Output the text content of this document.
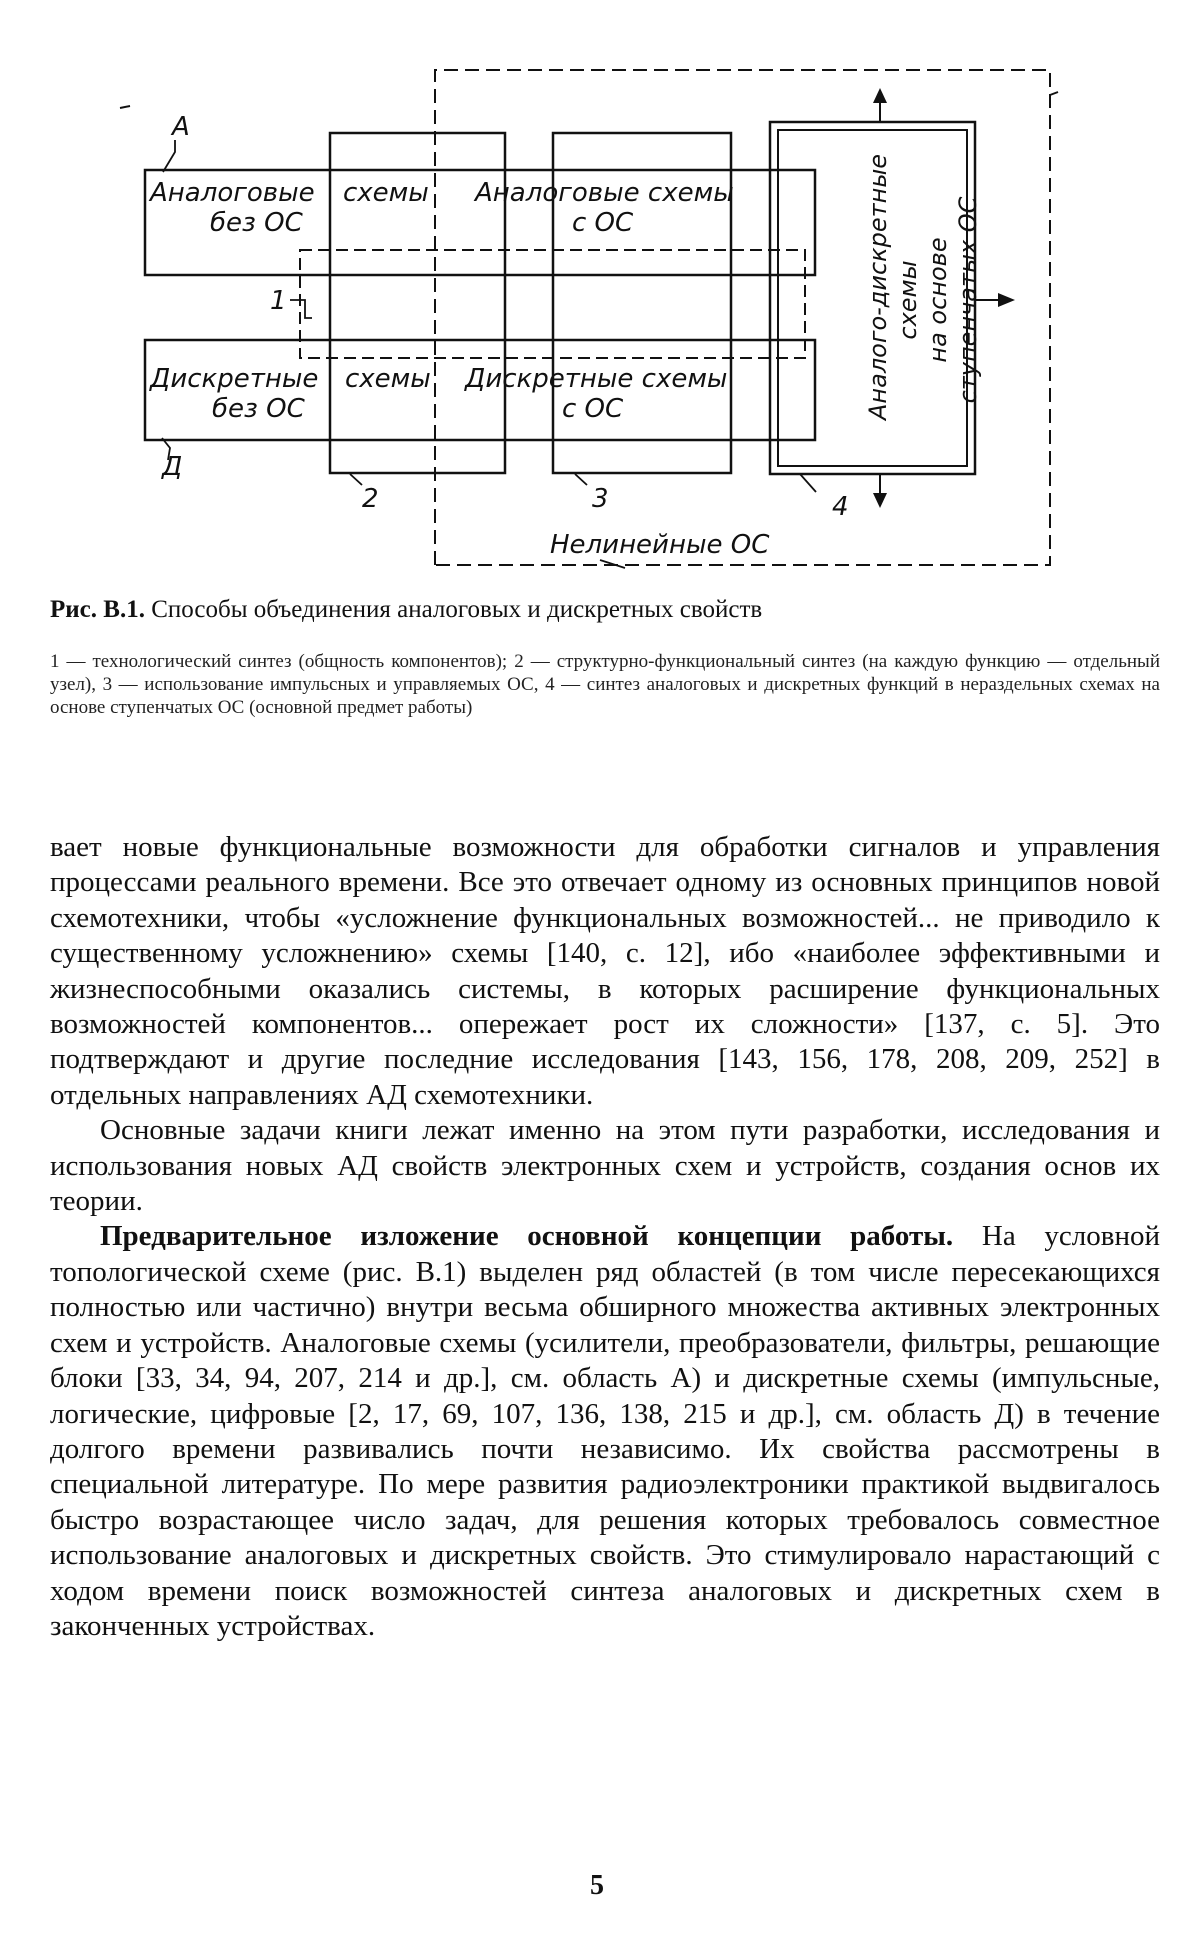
А
Д
Аналоговые
без ОС
схемы Аналоговые схемы
с ОС
Дискретные
без ОС
схемы Дискретные схемы
с ОС
1
2	3	4
Нелинейные ОС
Аналого-дискретные схемы на основе ступенчатых ОС
Рис. В.1. Способы объединения аналоговых и дискретных свойств
1 — технологический синтез (общность компонентов); 2 — структурно-функциональный синтез (на каждую функцию — отдельный узел), 3 — использование импульсных и управляемых ОС, 4 — синтез аналоговых и дискретных функций в нераздельных схемах на основе ступенчатых ОС (основной предмет работы)

вает новые функциональные возможности для обработки сигналов и управления процессами реального времени. Все это отвечает одному из основных принципов новой схемотехники, чтобы «усложнение функциональных возможностей... не приводило к существенному усложнению» схемы [140, с. 12], ибо «наиболее эффективными и жизнеспособными оказались системы, в которых расширение функциональных возможностей компонентов... опережает рост их сложности» [137, с. 5]. Это подтверждают и другие последние исследования [143, 156, 178, 208, 209, 252] в отдельных направлениях АД схемотехники.

Основные задачи книги лежат именно на этом пути разработки, исследования и использования новых АД свойств электронных схем и устройств, создания основ их теории.

Предварительное изложение основной концепции работы. На условной топологической схеме (рис. В.1) выделен ряд областей (в том числе пересекающихся полностью или частично) внутри весьма обширного множества активных электронных схем и устройств. Аналоговые схемы (усилители, преобразователи, фильтры, решающие блоки [33, 34, 94, 207, 214 и др.], см. область А) и дискретные схемы (импульсные, логические, цифровые [2, 17, 69, 107, 136, 138, 215 и др.], см. область Д) в течение долгого времени развивались почти независимо. Их свойства рассмотрены в специальной литературе. По мере развития радиоэлектроники практикой выдвигалось быстро возрастающее число задач, для решения которых требовалось совместное использование аналоговых и дискретных свойств. Это стимулировало нарастающий с ходом времени поиск возможностей синтеза аналоговых и дискретных схем в законченных устройствах.

5
